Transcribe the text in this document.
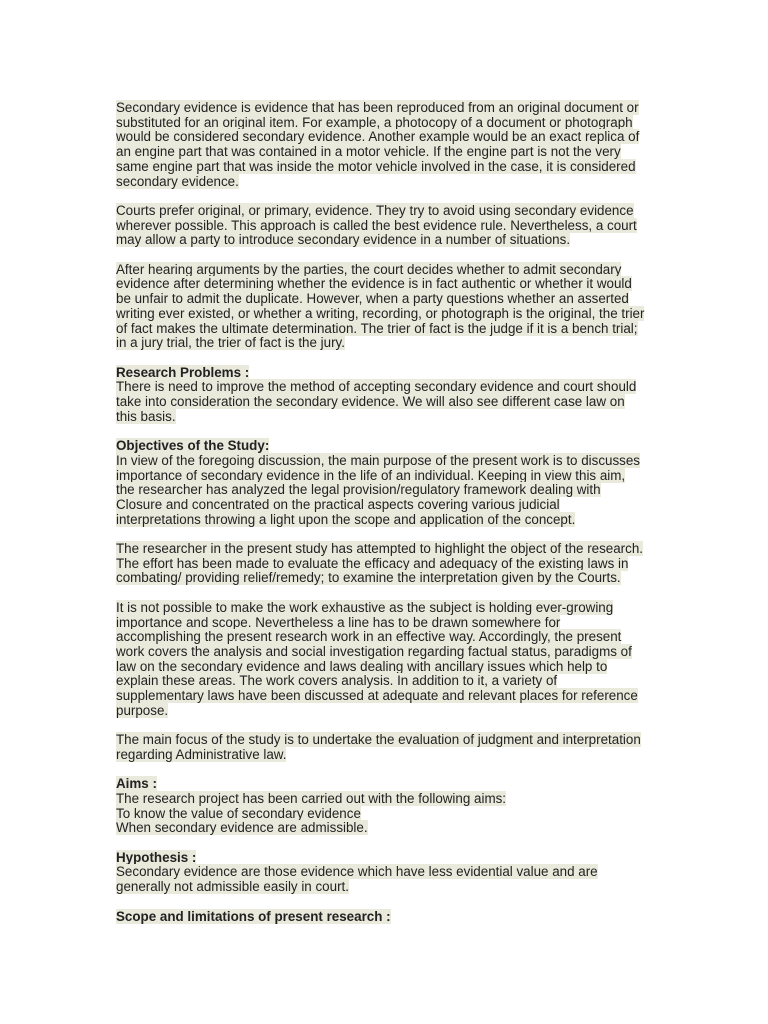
Secondary evidence is evidence that has been reproduced from an original document or
substituted for an original item. For example, a photocopy of a document or photograph
would be considered secondary evidence. Another example would be an exact replica of
an engine part that was contained in a motor vehicle. If the engine part is not the very
same engine part that was inside the motor vehicle involved in the case, it is considered
secondary evidence.
Courts prefer original, or primary, evidence. They try to avoid using secondary evidence
wherever possible. This approach is called the best evidence rule. Nevertheless, a court
may allow a party to introduce secondary evidence in a number of situations.
After hearing arguments by the parties, the court decides whether to admit secondary
evidence after determining whether the evidence is in fact authentic or whether it would
be unfair to admit the duplicate. However, when a party questions whether an asserted
writing ever existed, or whether a writing, recording, or photograph is the original, the trier
of fact makes the ultimate determination. The trier of fact is the judge if it is a bench trial;
in a jury trial, the trier of fact is the jury.
Research Problems :
There is need to improve the method of accepting secondary evidence and court should
take into consideration the secondary evidence. We will also see different case law on
this basis.
Objectives of the Study:
In view of the foregoing discussion, the main purpose of the present work is to discusses
importance of secondary evidence in the life of an individual. Keeping in view this aim,
the researcher has analyzed the legal provision/regulatory framework dealing with
Closure and concentrated on the practical aspects covering various judicial
interpretations throwing a light upon the scope and application of the concept.
The researcher in the present study has attempted to highlight the object of the research.
The effort has been made to evaluate the efficacy and adequacy of the existing laws in
combating/ providing relief/remedy; to examine the interpretation given by the Courts.
It is not possible to make the work exhaustive as the subject is holding ever-growing
importance and scope. Nevertheless a line has to be drawn somewhere for
accomplishing the present research work in an effective way. Accordingly, the present
work covers the analysis and social investigation regarding factual status, paradigms of
law on the secondary evidence and laws dealing with ancillary issues which help to
explain these areas. The work covers analysis. In addition to it, a variety of
supplementary laws have been discussed at adequate and relevant places for reference
purpose.
The main focus of the study is to undertake the evaluation of judgment and interpretation
regarding Administrative law.
Aims :
The research project has been carried out with the following aims:
To know the value of secondary evidence
When secondary evidence are admissible.
Hypothesis :
Secondary evidence are those evidence which have less evidential value and are
generally not admissible easily in court.
Scope and limitations of present research :
